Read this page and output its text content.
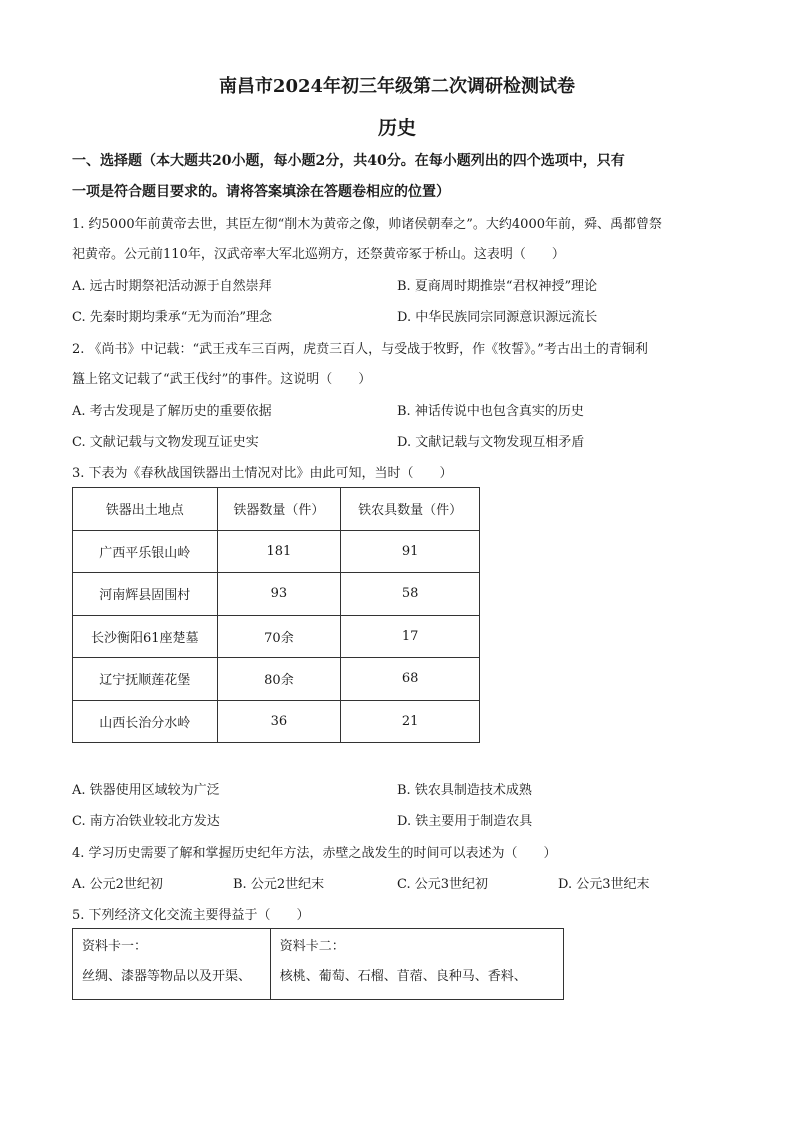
南昌市2024年初三年级第二次调研检测试卷
历史
一、选择题（本大题共20小题，每小题2分，共40分。在每小题列出的四个选项中，只有
一项是符合题目要求的。请将答案填涂在答题卷相应的位置）
1. 约5000年前黄帝去世，其臣左彻“削木为黄帝之像，帅诸侯朝奉之”。大约4000年前，舜、禹都曾祭
祀黄帝。公元前110年，汉武帝率大军北巡朔方，还祭黄帝冢于桥山。这表明（　　）
A. 远古时期祭祀活动源于自然崇拜	B. 夏商周时期推崇“君权神授”理论
C. 先秦时期均秉承“无为而治”理念	D. 中华民族同宗同源意识源远流长
2. 《尚书》中记载：“武王戎车三百两，虎贲三百人，与受战于牧野，作《牧誓》。”考古出土的青铜利
簋上铭文记载了“武王伐纣”的事件。这说明（　　）
A. 考古发现是了解历史的重要依据	B. 神话传说中也包含真实的历史
C. 文献记载与文物发现互证史实	D. 文献记载与文物发现互相矛盾
3. 下表为《春秋战国铁器出土情况对比》由此可知，当时（　　）
铁器出土地点	铁器数量（件）	铁农具数量（件）
广西平乐银山岭	181	91
河南辉县固围村	93	58
长沙衡阳61座楚墓	70余	17
辽宁抚顺莲花堡	80余	68
山西长治分水岭	36	21
A. 铁器使用区域较为广泛	B. 铁农具制造技术成熟
C. 南方冶铁业较北方发达	D. 铁主要用于制造农具
4. 学习历史需要了解和掌握历史纪年方法，赤壁之战发生的时间可以表述为（　　）
A. 公元2世纪初	B. 公元2世纪末	C. 公元3世纪初	D. 公元3世纪末
5. 下列经济文化交流主要得益于（　　）
资料卡一：
丝绸、漆器等物品以及开渠、

资料卡二：
核桃、葡萄、石榴、苜蓿、良种马、香料、
